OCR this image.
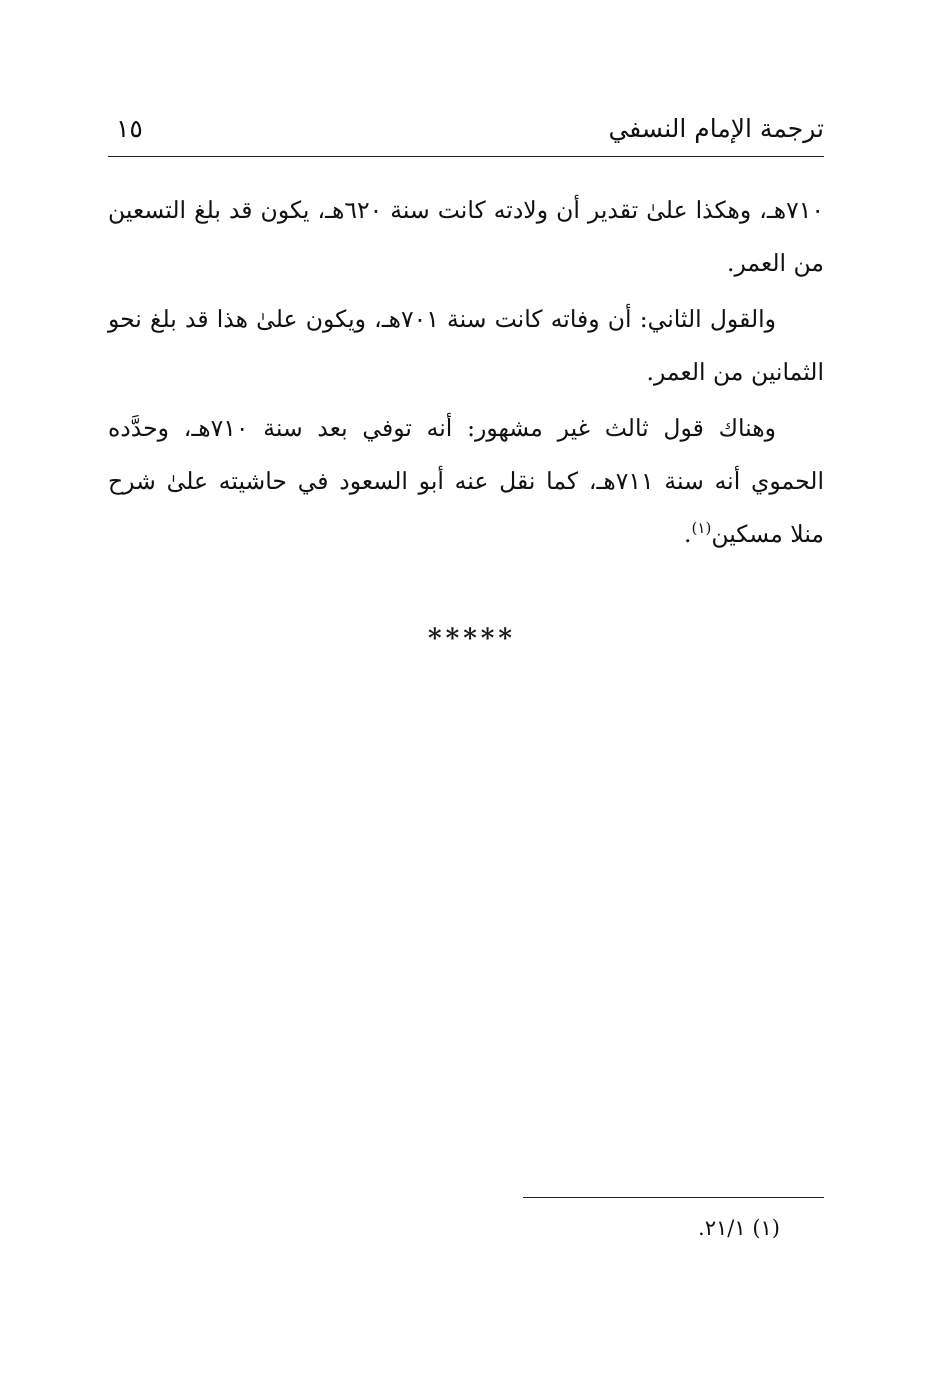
ترجمة الإمام النسفي
١٥

٧١٠هـ، وهكذا علىٰ تقدير أن ولادته كانت سنة ٦٢٠هـ، يكون قد بلغ التسعين من العمر.

والقول الثاني: أن وفاته كانت سنة ٧٠١هـ، ويكون علىٰ هذا قد بلغ نحو الثمانين من العمر.

وهناك قول ثالث غير مشهور: أنه توفي بعد سنة ٧١٠هـ، وحدَّده الحموي أنه سنة ٧١١هـ، كما نقل عنه أبو السعود في حاشيته علىٰ شرح منلا مسكين$^{(١)}$.

*****
(١) ٢١/١.
